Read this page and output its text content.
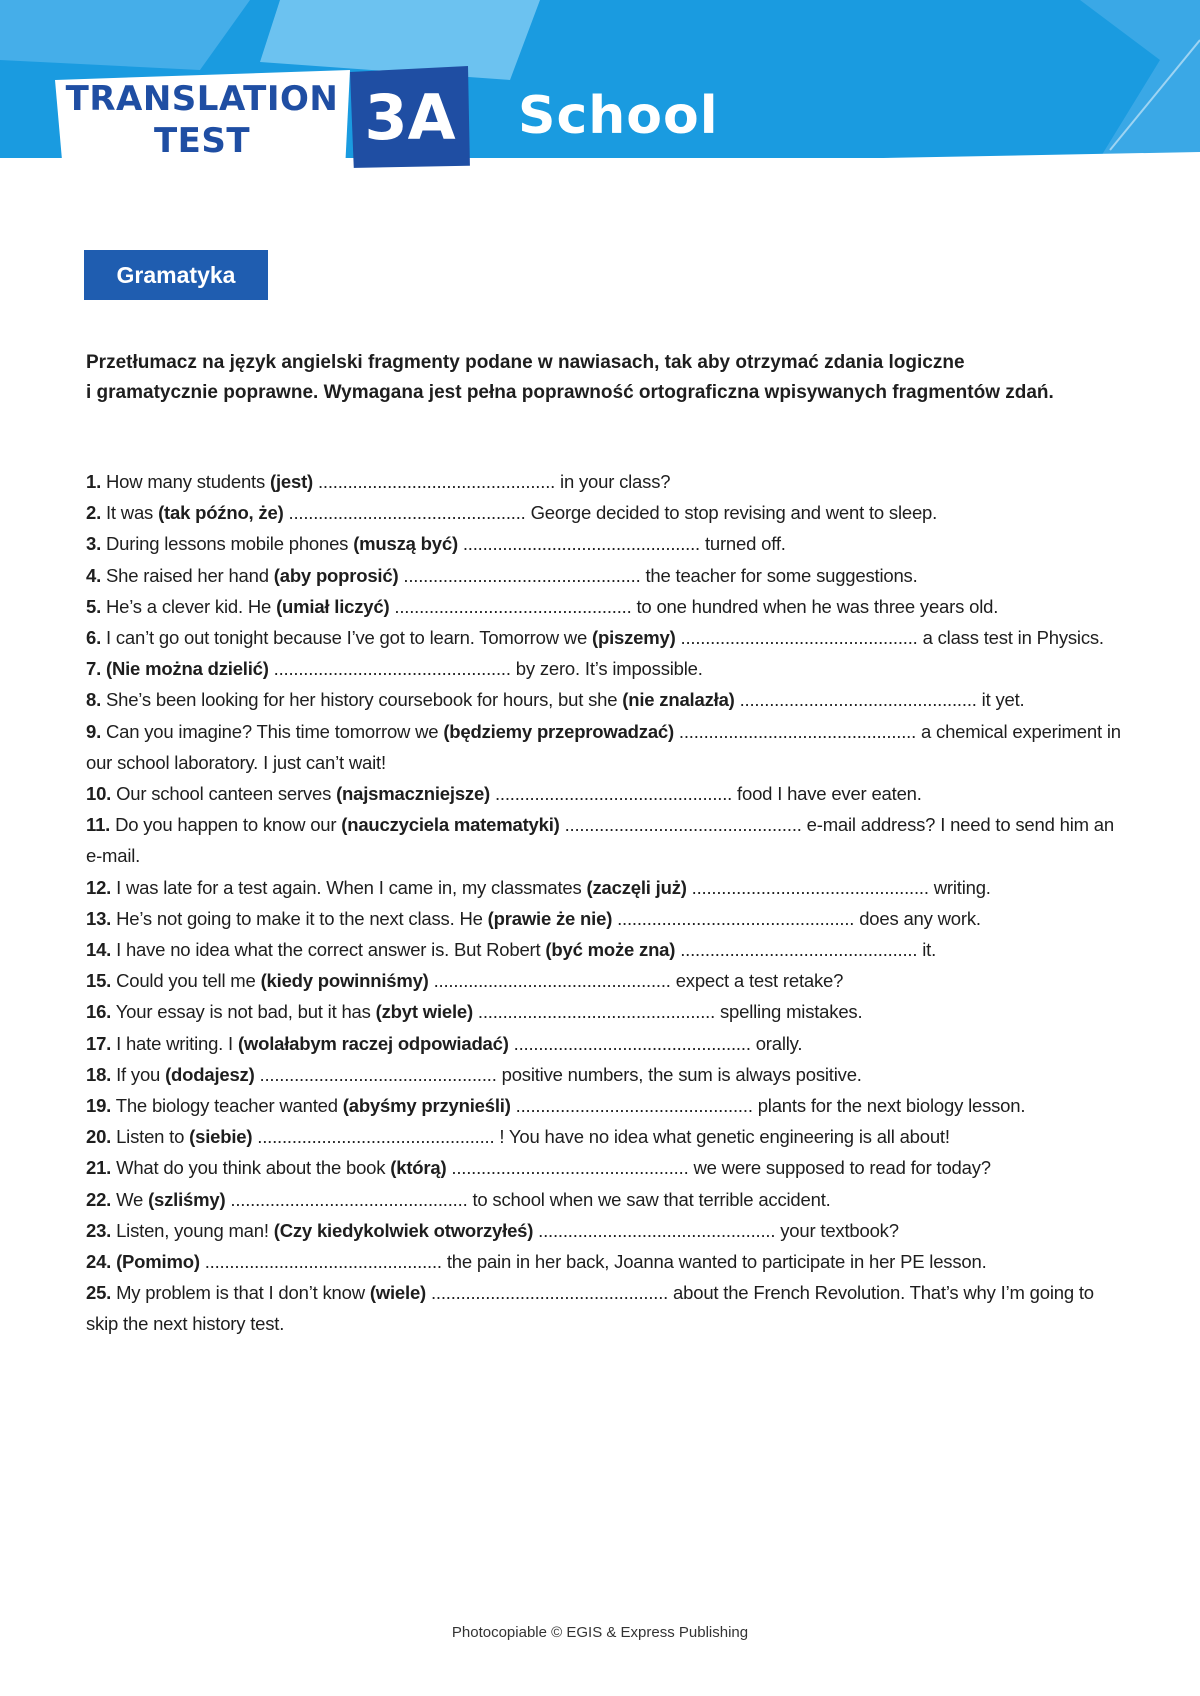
TRANSLATION
TEST	3A School
Gramatyka
Przetłumacz na język angielski fragmenty podane w nawiasach, tak aby otrzymać zdania logiczne
i gramatycznie poprawne. Wymagana jest pełna poprawność ortograficzna wpisywanych fragmentów zdań.
1. How many students (jest) ................................................ in your class?
2. It was (tak późno, że) ................................................ George decided to stop revising and went to sleep.
3. During lessons mobile phones (muszą być) ................................................ turned off.
4. She raised her hand (aby poprosić) ................................................ the teacher for some suggestions.
5. He’s a clever kid. He (umiał liczyć) ................................................ to one hundred when he was three years old.
6. I can’t go out tonight because I’ve got to learn. Tomorrow we (piszemy) ................................................ a class test in Physics.
7. (Nie można dzielić) ................................................ by zero. It’s impossible.
8. She’s been looking for her history coursebook for hours, but she (nie znalazła) ................................................ it yet.
9. Can you imagine? This time tomorrow we (będziemy przeprowadzać) ................................................ a chemical experiment in our school laboratory. I just can’t wait!
10. Our school canteen serves (najsmaczniejsze) ................................................ food I have ever eaten.
11. Do you happen to know our (nauczyciela matematyki) ................................................ e-mail address? I need to send him an e-mail.
12. I was late for a test again. When I came in, my classmates (zaczęli już) ................................................ writing.
13. He’s not going to make it to the next class. He (prawie że nie) ................................................ does any work.
14. I have no idea what the correct answer is. But Robert (być może zna) ................................................ it.
15. Could you tell me (kiedy powinniśmy) ................................................ expect a test retake?
16. Your essay is not bad, but it has (zbyt wiele) ................................................ spelling mistakes.
17. I hate writing. I (wolałabym raczej odpowiadać) ................................................ orally.
18. If you (dodajesz) ................................................ positive numbers, the sum is always positive.
19. The biology teacher wanted (abyśmy przynieśli) ................................................ plants for the next biology lesson.
20. Listen to (siebie) ................................................ ! You have no idea what genetic engineering is all about!
21. What do you think about the book (którą) ................................................ we were supposed to read for today?
22. We (szliśmy) ................................................ to school when we saw that terrible accident.
23. Listen, young man! (Czy kiedykolwiek otworzyłeś) ................................................ your textbook?
24. (Pomimo) ................................................ the pain in her back, Joanna wanted to participate in her PE lesson.
25. My problem is that I don’t know (wiele) ................................................ about the French Revolution. That’s why I’m going to skip the next history test.
Photocopiable © EGIS & Express Publishing
